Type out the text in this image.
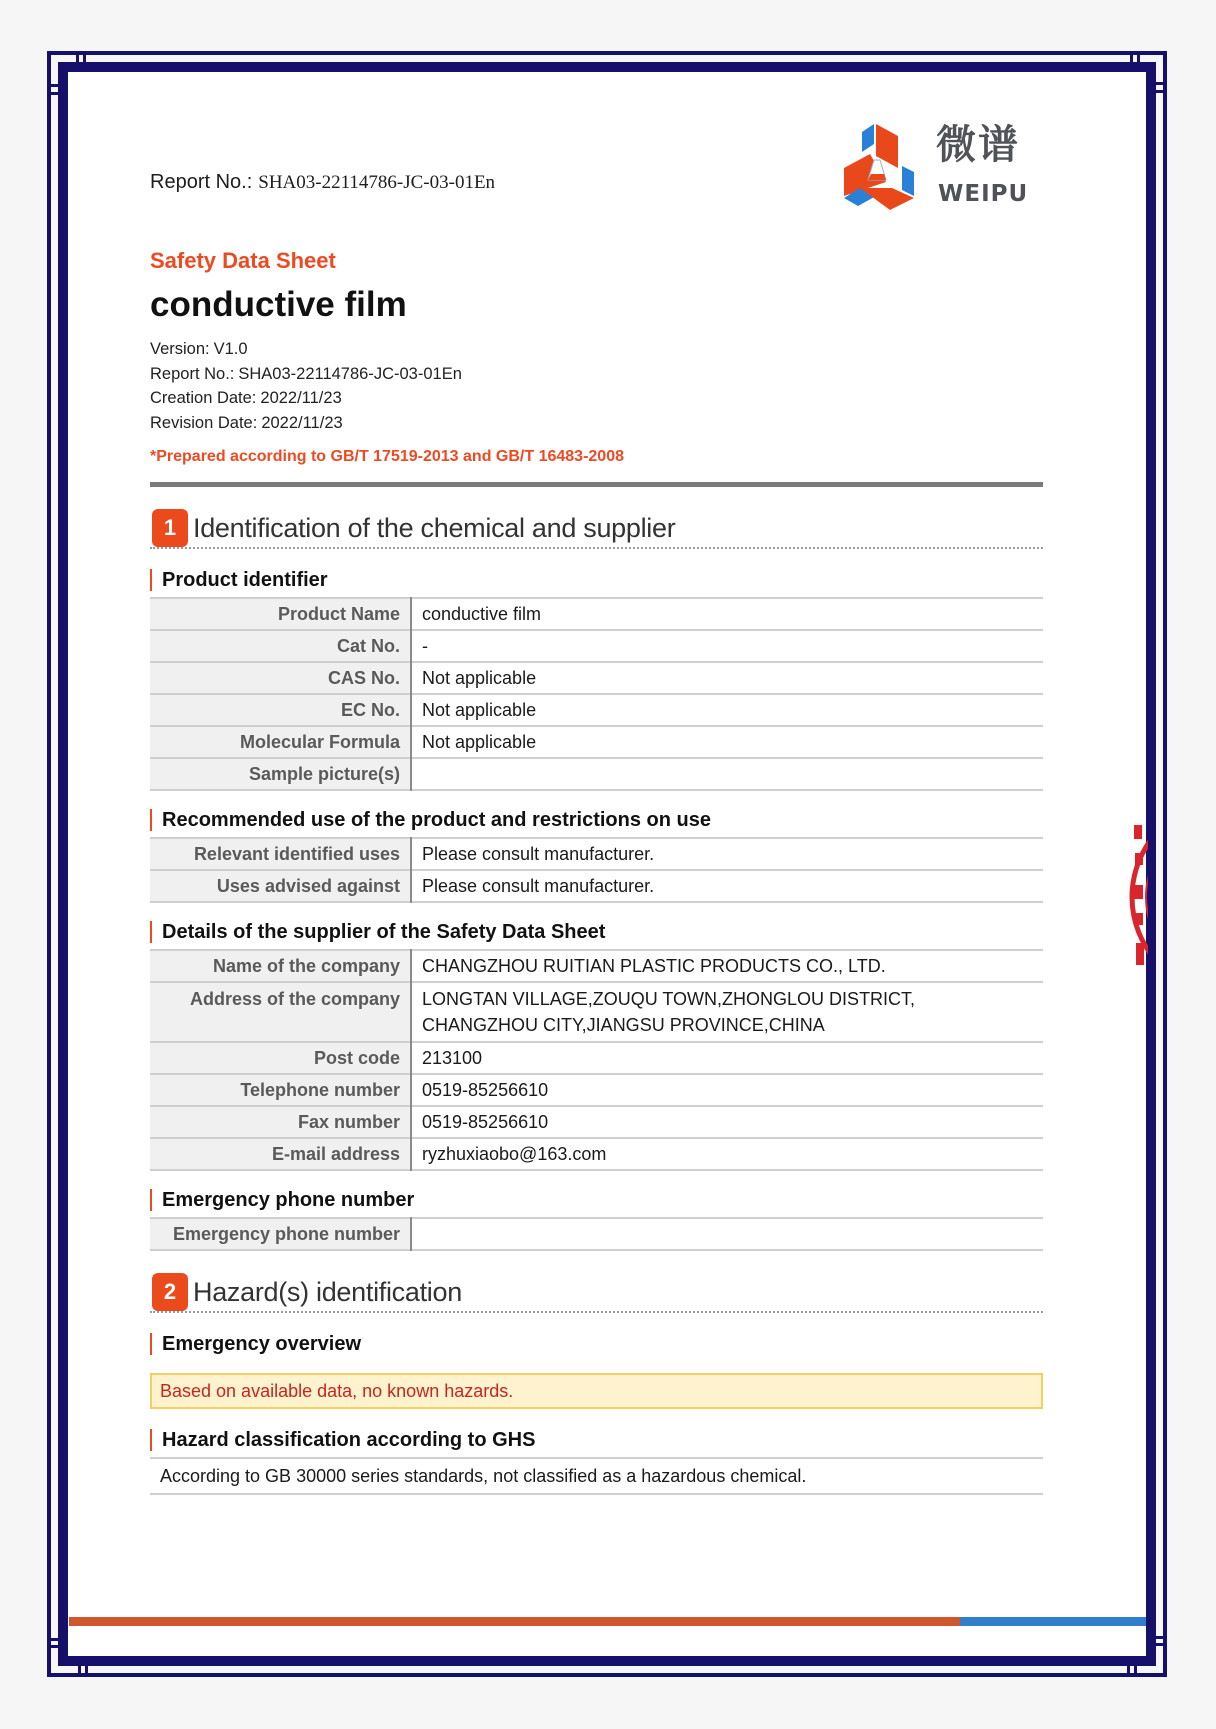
Report No.: SHA03-22114786-JC-03-01En
微谱
WEIPU
Safety Data Sheet
conductive film
Version: V1.0
Report No.: SHA03-22114786-JC-03-01En
Creation Date: 2022/11/23
Revision Date: 2022/11/23
*Prepared according to GB/T 17519-2013 and GB/T 16483-2008
1 Identification of the chemical and supplier
Product identifier
Product Name	conductive film
Cat No.	-
CAS No.	Not applicable
EC No.	Not applicable
Molecular Formula	Not applicable
Sample picture(s)	
Recommended use of the product and restrictions on use
Relevant identified uses	Please consult manufacturer.
Uses advised against	Please consult manufacturer.
Details of the supplier of the Safety Data Sheet
Name of the company	CHANGZHOU RUITIAN PLASTIC PRODUCTS CO., LTD.
Address of the company	LONGTAN VILLAGE,ZOUQU TOWN,ZHONGLOU DISTRICT,
CHANGZHOU CITY,JIANGSU PROVINCE,CHINA

Post code	213100
Telephone number	0519-85256610
Fax number	0519-85256610
E-mail address	ryzhuxiaobo@163.com
Emergency phone number
Emergency phone number	
2 Hazard(s) identification
Emergency overview
Based on available data, no known hazards.
Hazard classification according to GHS
According to GB 30000 series standards, not classified as a hazardous chemical.
